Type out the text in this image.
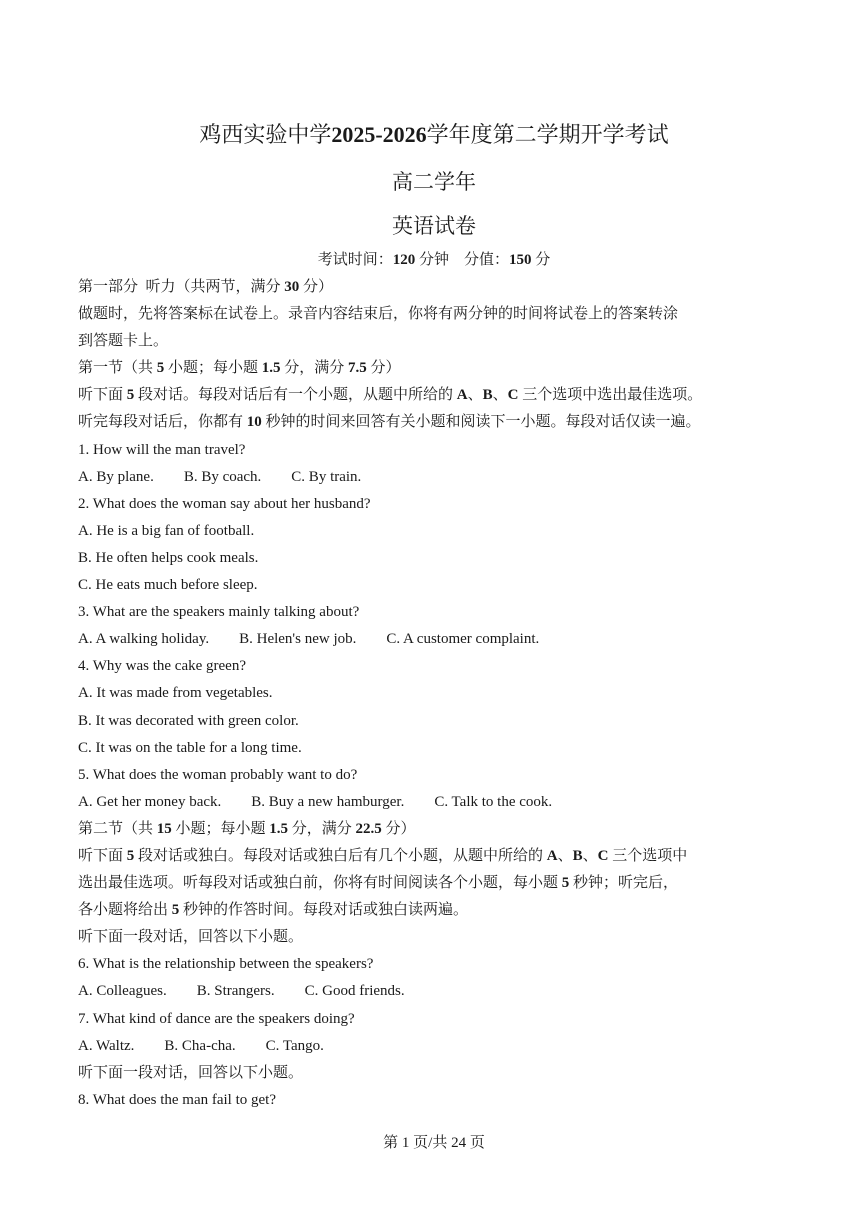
鸡西实验中学2025-2026学年度第二学期开学考试
高二学年
英语试卷
考试时间：120 分钟 分值：150 分
第一部分  听力（共两节，满分 30 分）
做题时，先将答案标在试卷上。录音内容结束后，你将有两分钟的时间将试卷上的答案转涂
到答题卡上。
第一节（共 5 小题；每小题 1.5 分，满分 7.5 分）
听下面 5 段对话。每段对话后有一个小题，从题中所给的 A、B、C 三个选项中选出最佳选项。
听完每段对话后，你都有 10 秒钟的时间来回答有关小题和阅读下一小题。每段对话仅读一遍。
1. How will the man travel?
A. By plane.        B. By coach.        C. By train.
2. What does the woman say about her husband?
A. He is a big fan of football.
B. He often helps cook meals.
C. He eats much before sleep.
3. What are the speakers mainly talking about?
A. A walking holiday.        B. Helen's new job.        C. A customer complaint.
4. Why was the cake green?
A. It was made from vegetables.
B. It was decorated with green color.
C. It was on the table for a long time.
5. What does the woman probably want to do?
A. Get her money back.        B. Buy a new hamburger.        C. Talk to the cook.
第二节（共 15 小题；每小题 1.5 分，满分 22.5 分）
听下面 5 段对话或独白。每段对话或独白后有几个小题，从题中所给的 A、B、C 三个选项中
选出最佳选项。听每段对话或独白前，你将有时间阅读各个小题，每小题 5 秒钟；听完后，
各小题将给出 5 秒钟的作答时间。每段对话或独白读两遍。
听下面一段对话，回答以下小题。
6. What is the relationship between the speakers?
A. Colleagues.        B. Strangers.        C. Good friends.
7. What kind of dance are the speakers doing?
A. Waltz.        B. Cha-cha.        C. Tango.
听下面一段对话，回答以下小题。
8. What does the man fail to get?
第 1 页/共 24 页
